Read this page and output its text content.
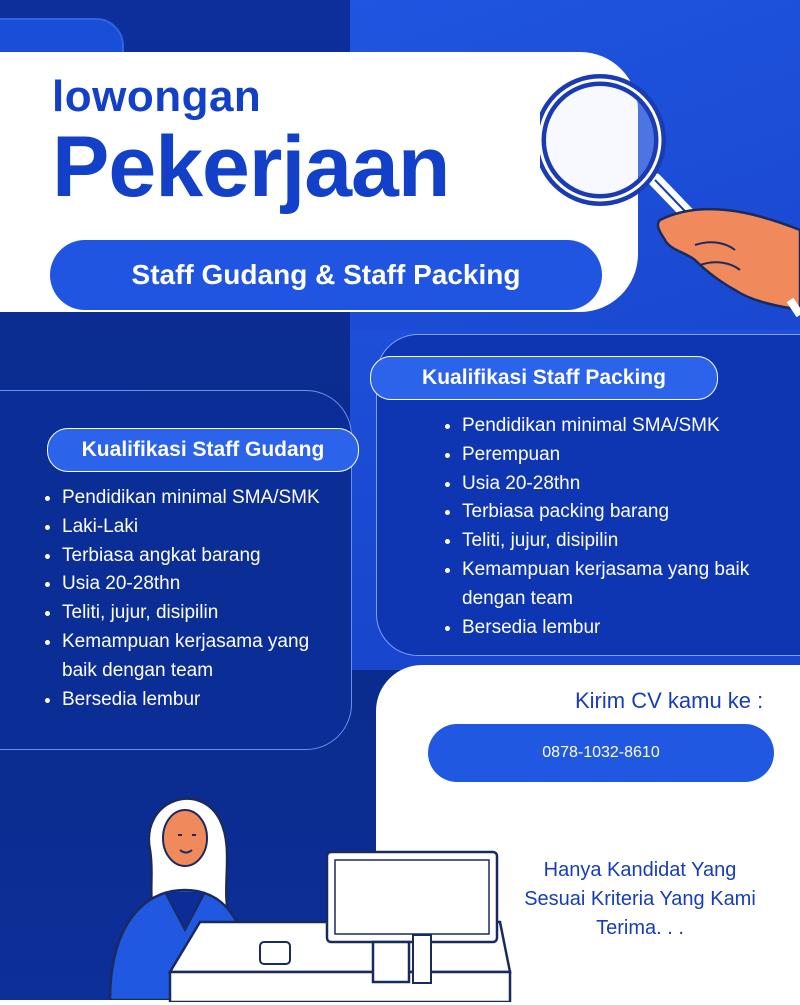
lowongan
Pekerjaan
Staff Gudang & Staff Packing
Kualifikasi Staff Gudang
• Pendidikan minimal SMA/SMK
• Laki-Laki
• Terbiasa angkat barang
• Usia 20-28thn
• Teliti, jujur, disipilin
• Kemampuan kerjasama yang baik dengan team
• Bersedia lembur
Kualifikasi Staff Packing
• Pendidikan minimal SMA/SMK
• Perempuan
• Usia 20-28thn
• Terbiasa packing barang
• Teliti, jujur, disipilin
• Kemampuan kerjasama yang baik dengan team
• Bersedia lembur
Kirim CV kamu ke :
0878-1032-8610
Hanya Kandidat Yang
Sesuai Kriteria Yang Kami
Terima. . .
